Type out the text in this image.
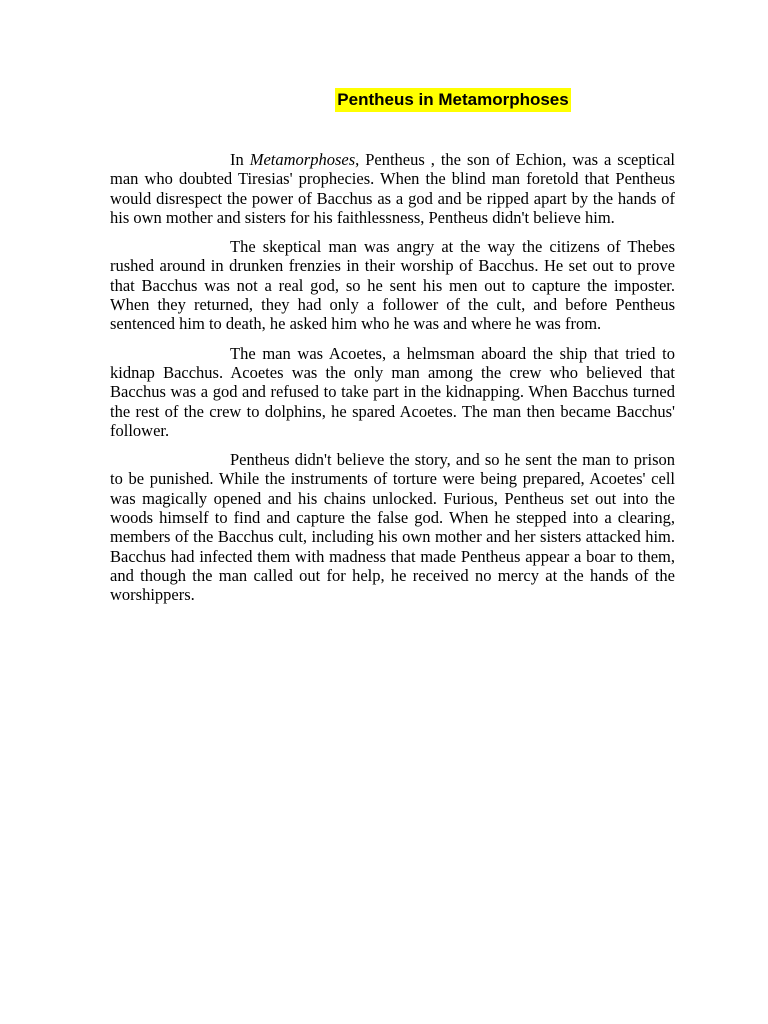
Pentheus in Metamorphoses

In Metamorphoses, Pentheus , the son of Echion, was a sceptical man who doubted Tiresias' prophecies. When the blind man foretold that Pentheus would disrespect the power of Bacchus as a god and be ripped apart by the hands of his own mother and sisters for his faithlessness, Pentheus didn't believe him.

The skeptical man was angry at the way the citizens of Thebes rushed around in drunken frenzies in their worship of Bacchus. He set out to prove that Bacchus was not a real god, so he sent his men out to capture the imposter. When they returned, they had only a follower of the cult, and before Pentheus sentenced him to death, he asked him who he was and where he was from.

The man was Acoetes, a helmsman aboard the ship that tried to kidnap Bacchus. Acoetes was the only man among the crew who believed that Bacchus was a god and refused to take part in the kidnapping. When Bacchus turned the rest of the crew to dolphins, he spared Acoetes. The man then became Bacchus' follower.

Pentheus didn't believe the story, and so he sent the man to prison to be punished. While the instruments of torture were being prepared, Acoetes' cell was magically opened and his chains unlocked. Furious, Pentheus set out into the woods himself to find and capture the false god. When he stepped into a clearing, members of the Bacchus cult, including his own mother and her sisters attacked him. Bacchus had infected them with madness that made Pentheus appear a boar to them, and though the man called out for help, he received no mercy at the hands of the worshippers.
